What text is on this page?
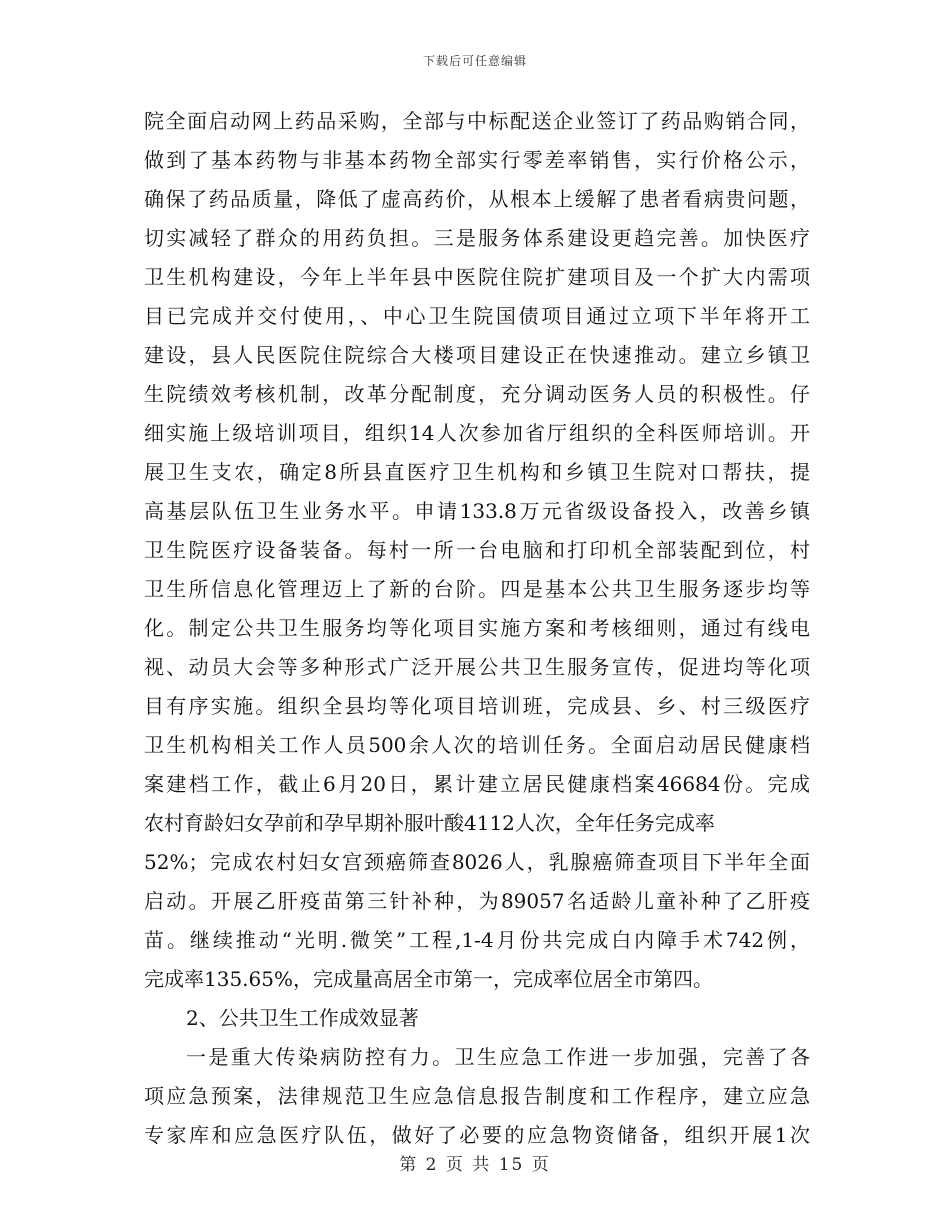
下载后可任意编辑
院全面启动网上药品采购，全部与中标配送企业签订了药品购销合同，
做到了基本药物与非基本药物全部实行零差率销售，实行价格公示，
确保了药品质量，降低了虚高药价，从根本上缓解了患者看病贵问题，
切实减轻了群众的用药负担。三是服务体系建设更趋完善。加快医疗
卫生机构建设，今年上半年县中医院住院扩建项目及一个扩大内需项
目已完成并交付使用，、中心卫生院国债项目通过立项下半年将开工
建设，县人民医院住院综合大楼项目建设正在快速推动。建立乡镇卫
生院绩效考核机制，改革分配制度，充分调动医务人员的积极性。仔
细实施上级培训项目，组织14人次参加省厅组织的全科医师培训。开
展卫生支农，确定8所县直医疗卫生机构和乡镇卫生院对口帮扶，提
高基层队伍卫生业务水平。申请133.8万元省级设备投入，改善乡镇
卫生院医疗设备装备。每村一所一台电脑和打印机全部装配到位，村
卫生所信息化管理迈上了新的台阶。四是基本公共卫生服务逐步均等
化。制定公共卫生服务均等化项目实施方案和考核细则，通过有线电
视、动员大会等多种形式广泛开展公共卫生服务宣传，促进均等化项
目有序实施。组织全县均等化项目培训班，完成县、乡、村三级医疗
卫生机构相关工作人员500余人次的培训任务。全面启动居民健康档
案建档工作，截止6月20日，累计建立居民健康档案46684份。完成
农村育龄妇女孕前和孕早期补服叶酸4112人次，全年任务完成率
52%；完成农村妇女宫颈癌筛查8026人，乳腺癌筛查项目下半年全面
启动。开展乙肝疫苗第三针补种，为89057名适龄儿童补种了乙肝疫
苗。继续推动“光明.微笑”工程,1-4月份共完成白内障手术742例，
完成率135.65%，完成量高居全市第一，完成率位居全市第四。
2、公共卫生工作成效显著
一是重大传染病防控有力。卫生应急工作进一步加强，完善了各
项应急预案，法律规范卫生应急信息报告制度和工作程序，建立应急
专家库和应急医疗队伍，做好了必要的应急物资储备，组织开展1次
第 2 页 共 15 页
